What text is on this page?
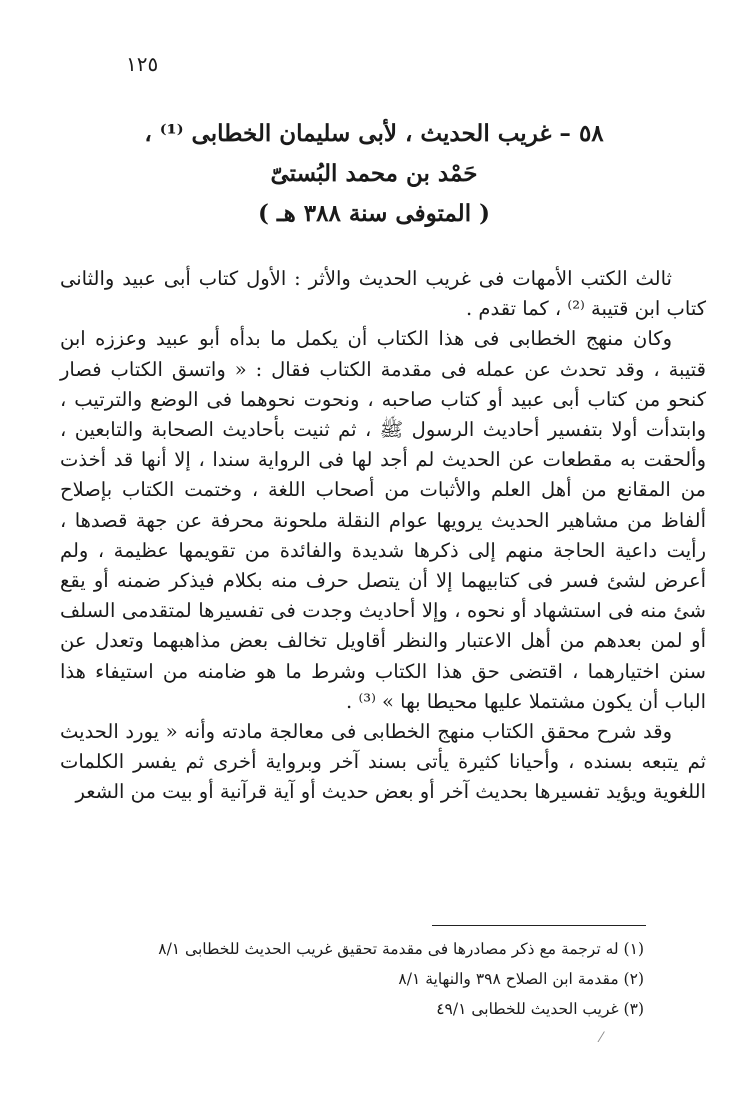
١٢٥
٥٨ – غريب الحديث ، لأبى سليمان الخطابى ⁽¹⁾ ،
حَمْد بن محمد البُستىّ
( المتوفى سنة ٣٨٨ هـ )

ثالث الكتب الأمهات فى غريب الحديث والأثر : الأول كتاب أبى عبيد والثانى كتاب ابن قتيبة ⁽²⁾ ، كما تقدم .

وكان منهج الخطابى فى هذا الكتاب أن يكمل ما بدأه أبو عبيد وعززه ابن قتيبة ، وقد تحدث عن عمله فى مقدمة الكتاب فقال : « واتسق الكتاب فصار كنحو من كتاب أبى عبيد أو كتاب صاحبه ، ونحوت نحوهما فى الوضع والترتيب ، وابتدأت أولا بتفسير أحاديث الرسول ﷺ ، ثم ثنيت بأحاديث الصحابة والتابعين ، وألحقت به مقطعات عن الحديث لم أجد لها فى الرواية سندا ، إلا أنها قد أخذت من المقانع من أهل العلم والأثبات من أصحاب اللغة ، وختمت الكتاب بإصلاح ألفاظ من مشاهير الحديث يرويها عوام النقلة ملحونة محرفة عن جهة قصدها ، رأيت داعية الحاجة منهم إلى ذكرها شديدة والفائدة من تقويمها عظيمة ، ولم أعرض لشئ فسر فى كتابيهما إلا أن يتصل حرف منه بكلام فيذكر ضمنه أو يقع شئ منه فى استشهاد أو نحوه ، وإلا أحاديث وجدت فى تفسيرها لمتقدمى السلف أو لمن بعدهم من أهل الاعتبار والنظر أقاويل تخالف بعض مذاهبهما وتعدل عن سنن اختيارهما ، اقتضى حق هذا الكتاب وشرط ما هو ضامنه من استيفاء هذا الباب أن يكون مشتملا عليها محيطا بها » ⁽³⁾ .

وقد شرح محقق الكتاب منهج الخطابى فى معالجة مادته وأنه « يورد الحديث ثم يتبعه بسنده ، وأحيانا كثيرة يأتى بسند آخر وبرواية أخرى ثم يفسر الكلمات اللغوية ويؤيد تفسيرها بحديث آخر أو بعض حديث أو آية قرآنية أو بيت من الشعر

(١) له ترجمة مع ذكر مصادرها فى مقدمة تحقيق غريب الحديث للخطابى ٨/١
(٢) مقدمة ابن الصلاح ٣٩٨ والنهاية ٨/١
(٣) غريب الحديث للخطابى ٤٩/١
⁄
